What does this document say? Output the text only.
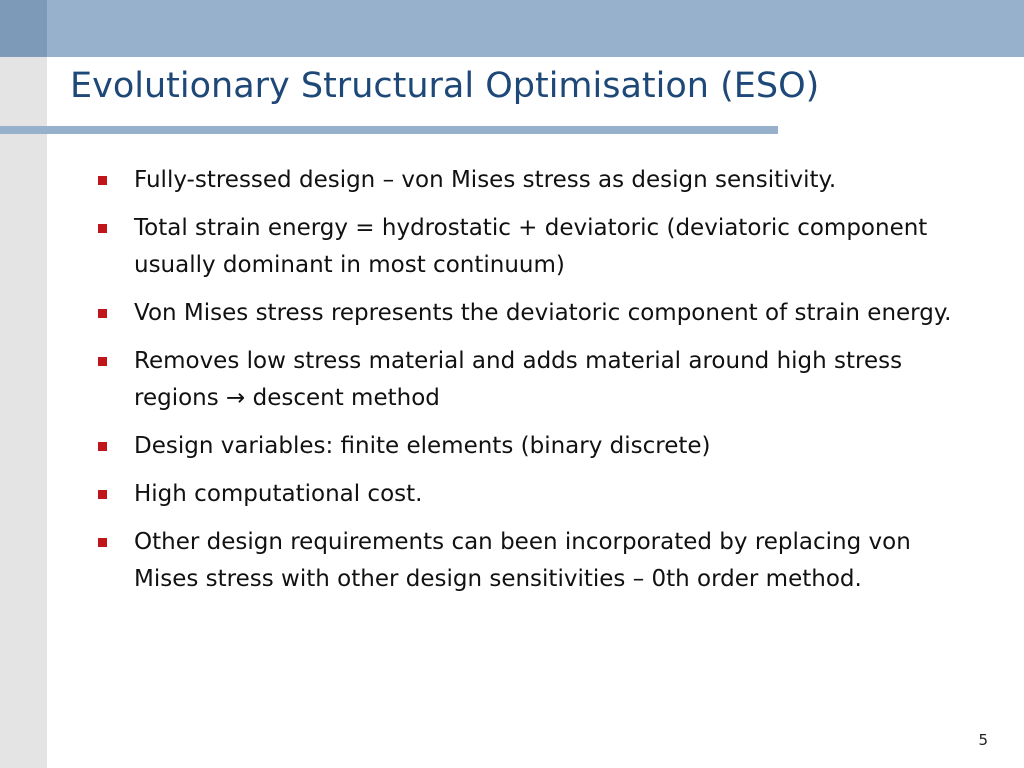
Evolutionary Structural Optimisation (ESO)
Fully-stressed design – von Mises stress as design sensitivity.
Total strain energy = hydrostatic + deviatoric (deviatoric component usually dominant in most continuum)
Von Mises stress represents the deviatoric component of strain energy.
Removes low stress material and adds material around high stress regions → descent method
Design variables: finite elements (binary discrete)
High computational cost.
Other design requirements can been incorporated by replacing von Mises stress with other design sensitivities – 0th order method.
5
